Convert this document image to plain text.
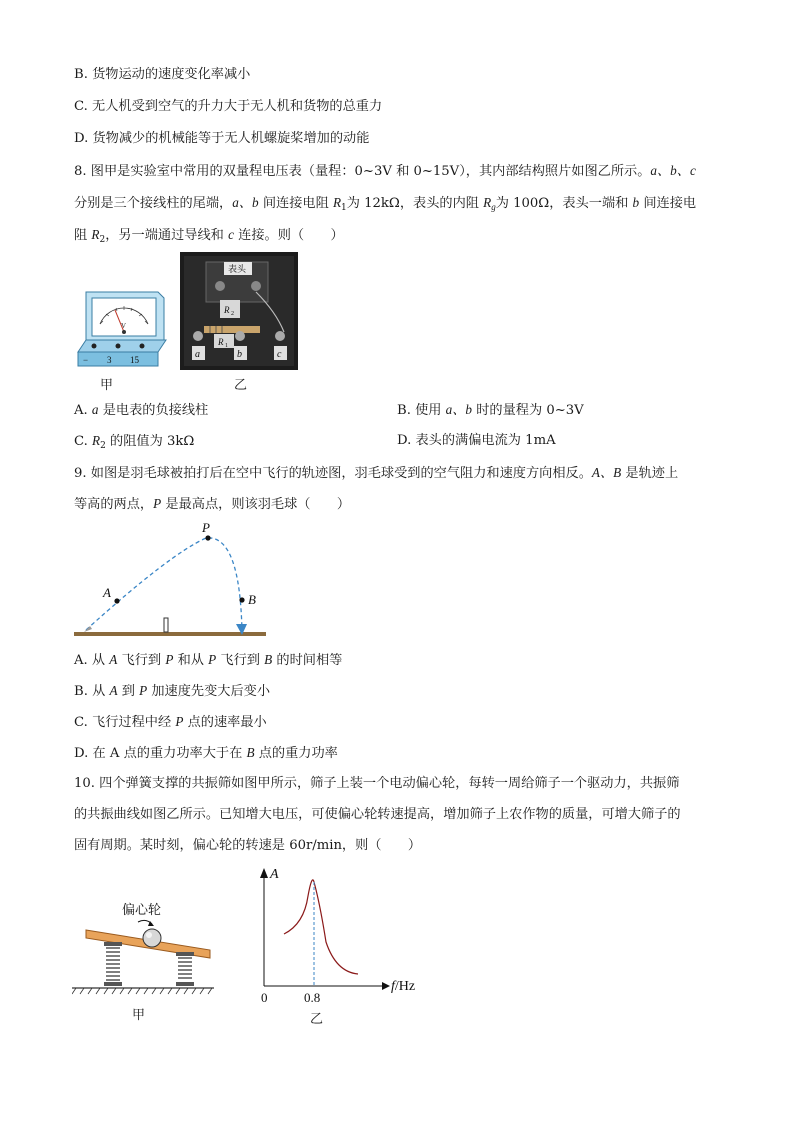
B. 货物运动的速度变化率减小
C. 无人机受到空气的升力大于无人机和货物的总重力
D. 货物减少的机械能等于无人机螺旋桨增加的动能
8. 图甲是实验室中常用的双量程电压表（量程：0~3V 和 0~15V），其内部结构照片如图乙所示。a、b、c
分别是三个接线柱的尾端，a、b 间连接电阻 $R_1$为 12kΩ，表头的内阻 $R_g$为 100Ω，表头一端和 b 间连接电
阻 $R_2$，另一端通过导线和 c 连接。则（　　）
V
− 3 15
甲
表头
R 2
R 1
a	b	c
乙
A. a 是电表的负接线柱	B. 使用 a、b 时的量程为 0~3V
C. $R_2$ 的阻值为 3kΩ	D. 表头的满偏电流为 1mA
9. 如图是羽毛球被拍打后在空中飞行的轨迹图，羽毛球受到的空气阻力和速度方向相反。A、B 是轨迹上
等高的两点，P 是最高点，则该羽毛球（　　）
P
A	B
A. 从 A 飞行到 P 和从 P 飞行到 B 的时间相等
B. 从 A 到 P 加速度先变大后变小
C. 飞行过程中经 P 点的速率最小
D. 在 A 点的重力功率大于在 B 点的重力功率
10. 四个弹簧支撑的共振筛如图甲所示，筛子上装一个电动偏心轮，每转一周给筛子一个驱动力，共振筛
的共振曲线如图乙所示。已知增大电压，可使偏心轮转速提高，增加筛子上农作物的质量，可增大筛子的
固有周期。某时刻，偏心轮的转速是 60r/min，则（　　）
偏心轮
甲
A
f/Hz
0	0.8
乙
